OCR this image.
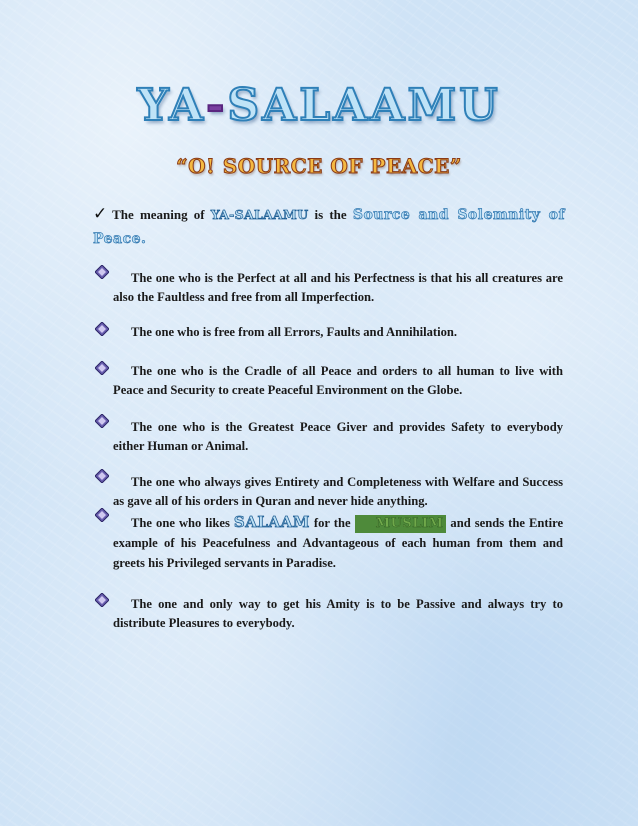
YA-SALAAMU
“O! SOURCE OF PEACE”
✓ The meaning of YA-SALAAMU is the Source and Solemnity of Peace.
The one who is the Perfect at all and his Perfectness is that his all creatures are also the Faultless and free from all Imperfection.
The one who is free from all Errors, Faults and Annihilation.
The one who is the Cradle of all Peace and orders to all human to live with Peace and Security to create Peaceful Environment on the Globe.
The one who is the Greatest Peace Giver and provides Safety to everybody either Human or Animal.
The one who always gives Entirety and Completeness with Welfare and Success as gave all of his orders in Quran and never hide anything.
The one who likes SALAAM for the MUSLIM and sends the Entire example of his Peacefulness and Advantageous of each human from them and greets his Privileged servants in Paradise.
The one and only way to get his Amity is to be Passive and always try to distribute Pleasures to everybody.
